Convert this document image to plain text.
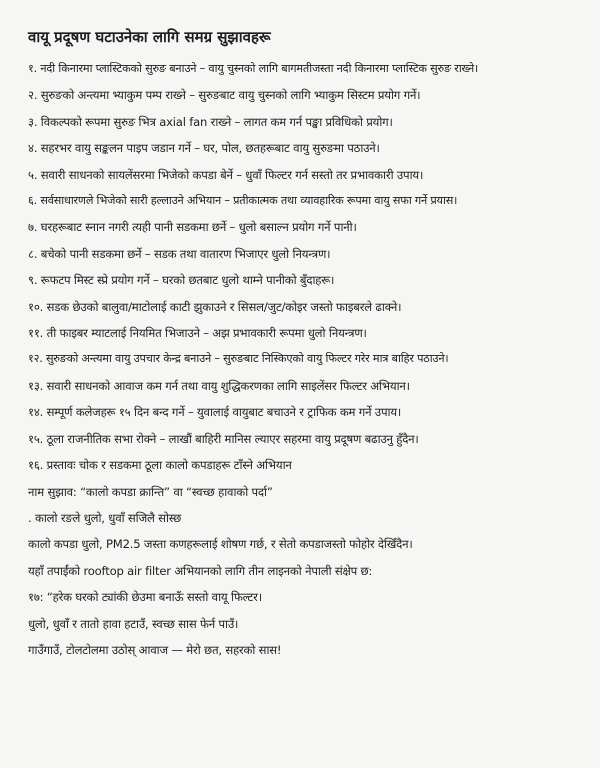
वायू प्रदूषण घटाउनेका लागि समग्र सुझावहरू
१. नदी किनारमा प्लास्टिकको सुरुङ बनाउने – वायु चुस्नको लागि बागमतीजस्ता नदी किनारमा प्लास्टिक सुरुङ राख्ने।
२. सुरुङको अन्त्यमा भ्याकुम पम्प राख्ने – सुरुङबाट वायु चुस्नको लागि भ्याकुम सिस्टम प्रयोग गर्ने।
३. विकल्पको रूपमा सुरुङ भित्र axial fan राख्ने – लागत कम गर्न पङ्खा प्रविधिको प्रयोग।
४. सहरभर वायु सङ्कलन पाइप जडान गर्ने – घर, पोल, छतहरूबाट वायु सुरुङमा पठाउने।
५. सवारी साधनको सायलेंसरमा भिजेको कपडा बेर्ने – धुवाँ फिल्टर गर्न सस्तो तर प्रभावकारी उपाय।
६. सर्वसाधारणले भिजेको सारी हल्लाउने अभियान – प्रतीकात्मक तथा व्यावहारिक रूपमा वायु सफा गर्ने प्रयास।
७. घरहरूबाट स्नान नगरी त्यही पानी सडकमा छर्ने – धुलो बसाल्न प्रयोग गर्ने पानी।
८. बचेको पानी सडकमा छर्ने – सडक तथा वातारण भिजाएर धुलो नियन्त्रण।
९. रूफटप मिस्ट स्प्रे प्रयोग गर्ने – घरको छतबाट धुलो थाम्ने पानीको बुँदाहरू।
१०. सडक छेउको बालुवा/माटोलाई काटी झुकाउने र सिसल/जुट/कोइर जस्तो फाइबरले ढाक्ने।
११. ती फाइबर म्याटलाई नियमित भिजाउने – अझ प्रभावकारी रूपमा धुलो नियन्त्रण।
१२. सुरुङको अन्त्यमा वायु उपचार केन्द्र बनाउने – सुरुङबाट निस्किएको वायु फिल्टर गरेर मात्र बाहिर पठाउने।
१३. सवारी साधनको आवाज कम गर्न तथा वायु शुद्धिकरणका लागि साइलेंसर फिल्टर अभियान।
१४. सम्पूर्ण कलेजहरू १५ दिन बन्द गर्ने – युवालाई वायुबाट बचाउने र ट्राफिक कम गर्ने उपाय।
१५. ठूला राजनीतिक सभा रोक्ने – लाखौं बाहिरी मानिस ल्याएर सहरमा वायु प्रदूषण बढाउनु हुँदैन।
१६. प्रस्तावः चोक र सडकमा ठूला कालो कपडाहरू टाँस्ने अभियान
नाम सुझाव: “कालो कपडा क्रान्ति” वा “स्वच्छ हावाको पर्दा”
. कालो रङले धुलो, धुवाँ सजिलै सोस्छ
कालो कपडा धुलो, PM2.5 जस्ता कणहरूलाई शोषण गर्छ, र सेतो कपडाजस्तो फोहोर देखिँदैन।
यहाँ तपाईंको rooftop air filter अभियानको लागि तीन लाइनको नेपाली संक्षेप छ:
१७: “हरेक घरको ट्यांकी छेउमा बनाऊँ सस्तो वायू फिल्टर।
धुलो, धुवाँ र तातो हावा हटाउँ, स्वच्छ सास फेर्न पाउँ।
गाउँगाउँ, टोलटोलमा उठोस् आवाज — मेरो छत, सहरको सास!
